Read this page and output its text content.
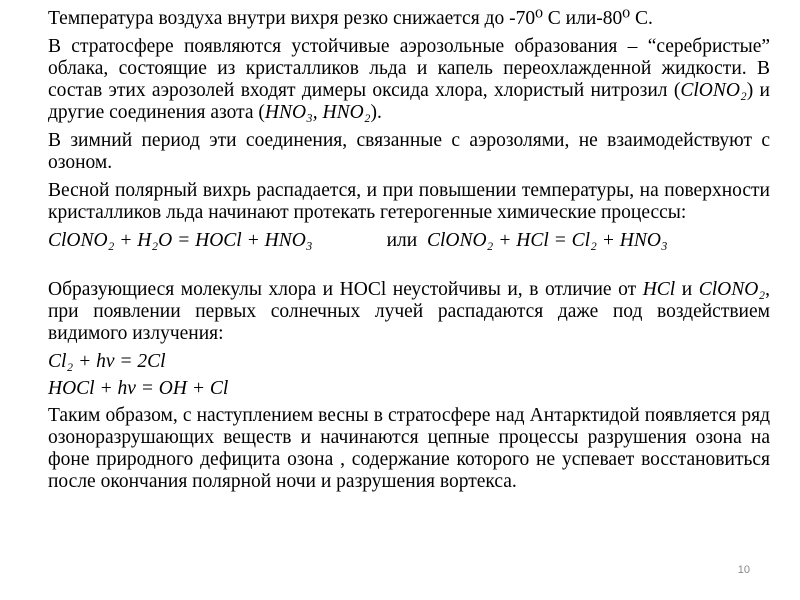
Температура воздуха внутри вихря резко снижается до -70⁰ С или-80⁰ С.

В стратосфере появляются устойчивые аэрозольные образования – “серебристые” облака, состоящие из кристалликов льда и капель переохлажденной жидкости. В состав этих аэрозолей входят димеры оксида хлора, хлористый нитрозил (ClONO₂) и другие соединения азота (HNO₃, HNO₂).

В зимний период эти соединения, связанные с аэрозолями, не взаимодействуют с озоном.

Весной полярный вихрь распадается, и при повышении температуры, на поверхности кристалликов льда начинают протекать гетерогенные химические процессы:

ClONO₂ + H₂O = HOCl + HNO₃	или ClONO₂ + HCl = Cl₂ + HNO₃

Образующиеся молекулы хлора и HOCl неустойчивы и, в отличие от HCl и ClONO₂, при появлении первых солнечных лучей распадаются даже под воздействием видимого излучения:

Cl₂ + hν = 2Cl

HOCl + hν = OH + Cl

Таким образом, с наступлением весны в стратосфере над Антарктидой появляется ряд озоноразрушающих веществ и начинаются цепные процессы разрушения озона на фоне природного дефицита озона , содержание которого не успевает восстановиться после окончания полярной ночи и разрушения вортекса.

10
